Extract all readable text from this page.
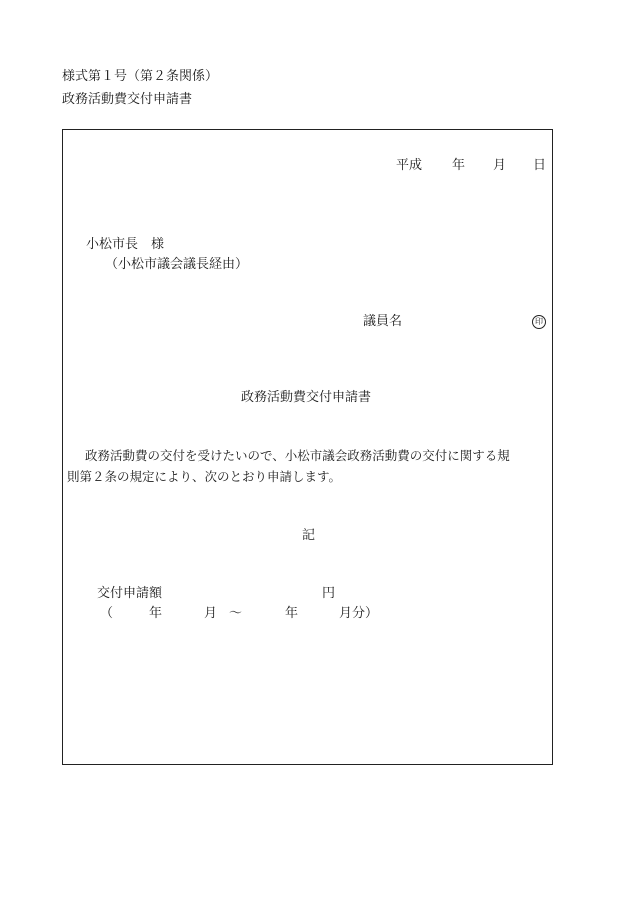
様式第１号（第２条関係）
政務活動費交付申請書
平成 年 月 日
小松市長　様
（小松市議会議長経由）
議員名	印
政務活動費交付申請書
政務活動費の交付を受けたいので、小松市議会政務活動費の交付に関する規
則第２条の規定により、次のとおり申請します。
記
交付申請額	円
（	年	月 ～	年	月分）
